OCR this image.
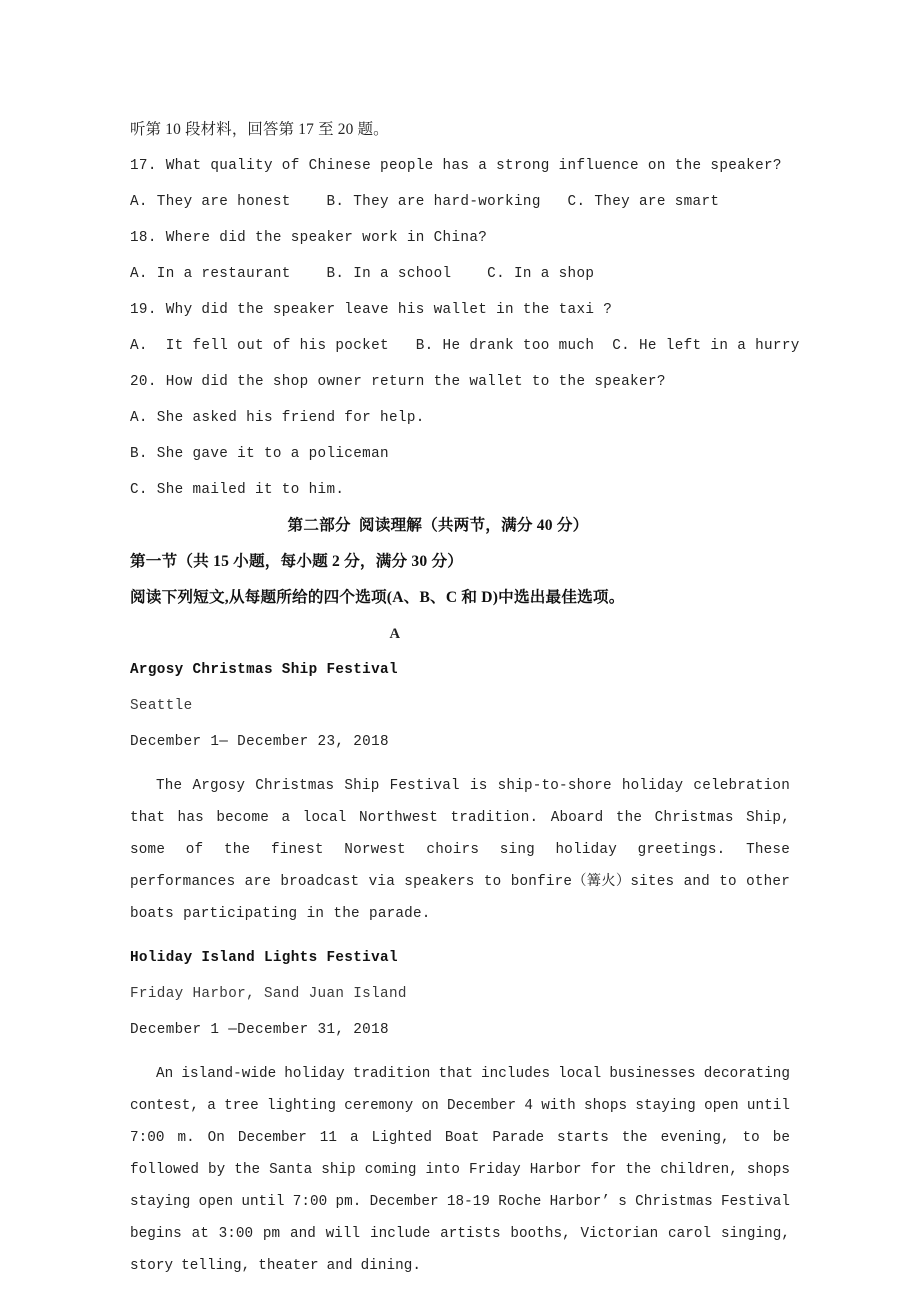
听第 10 段材料，回答第 17 至 20 题。
17. What quality of Chinese people has a strong influence on the speaker?
A. They are honest    B. They are hard-working   C. They are smart
18. Where did the speaker work in China?
A. In a restaurant    B. In a school    C. In a shop
19. Why did the speaker leave his wallet in the taxi ?
A.  It fell out of his pocket   B. He drank too much  C. He left in a hurry
20. How did the shop owner return the wallet to the speaker?
A. She asked his friend for help.
B. She gave it to a policeman
C. She mailed it to him.
第二部分  阅读理解（共两节，满分 40 分）
第一节（共 15 小题，每小题 2 分，满分 30 分）
阅读下列短文,从每题所给的四个选项(A、B、C 和 D)中选出最佳选项。
A
Argosy Christmas Ship Festival
Seattle
December 1— December 23, 2018

The Argosy Christmas Ship Festival is ship-to-shore holiday celebration that has become a local Northwest tradition. Aboard the Christmas Ship, some of the finest Norwest choirs sing holiday greetings. These performances are broadcast via speakers to bonfire（篝火）sites and to other boats participating in the parade.

Holiday Island Lights Festival
Friday Harbor, Sand Juan Island
December 1 —December 31, 2018

An island-wide holiday tradition that includes local businesses decorating contest, a tree lighting ceremony on December 4 with shops staying open until 7:00 m. On December 11 a Lighted Boat Parade starts the evening, to be followed by the Santa ship coming into Friday Harbor for the children, shops staying open until 7:00 pm. December 18-19 Roche Harbor’ s Christmas Festival begins at 3:00 pm and will include artists booths, Victorian carol singing, story telling, theater and dining.
